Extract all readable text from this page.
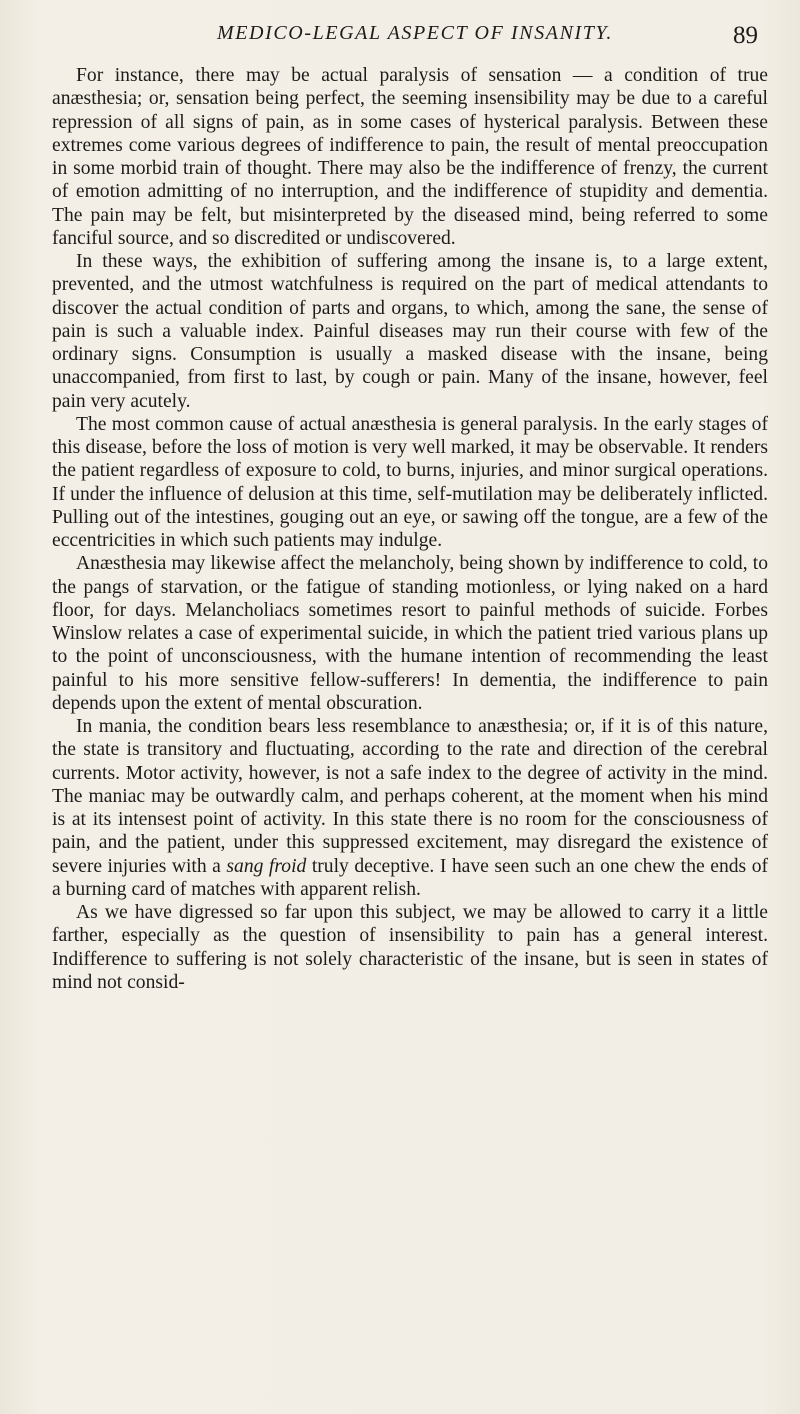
MEDICO-LEGAL ASPECT OF INSANITY.	89

For instance, there may be actual paralysis of sensation — a condition of true anæsthesia; or, sensation being perfect, the seeming insensibility may be due to a careful repression of all signs of pain, as in some cases of hysterical paralysis. Between these extremes come various degrees of indifference to pain, the result of mental preoccupation in some morbid train of thought. There may also be the indifference of frenzy, the current of emotion admitting of no interruption, and the indifference of stupidity and dementia. The pain may be felt, but misinterpreted by the diseased mind, being referred to some fanciful source, and so discredited or undiscovered.

In these ways, the exhibition of suffering among the insane is, to a large extent, prevented, and the utmost watchfulness is required on the part of medical attendants to discover the actual condition of parts and organs, to which, among the sane, the sense of pain is such a valuable index. Painful diseases may run their course with few of the ordinary signs. Consumption is usually a masked disease with the insane, being unaccompanied, from first to last, by cough or pain. Many of the insane, however, feel pain very acutely.

The most common cause of actual anæsthesia is general paralysis. In the early stages of this disease, before the loss of motion is very well marked, it may be observable. It renders the patient regardless of exposure to cold, to burns, injuries, and minor surgical operations. If under the influence of delusion at this time, self-mutilation may be deliberately inflicted. Pulling out of the intestines, gouging out an eye, or sawing off the tongue, are a few of the eccentricities in which such patients may indulge.

Anæsthesia may likewise affect the melancholy, being shown by indifference to cold, to the pangs of starvation, or the fatigue of standing motionless, or lying naked on a hard floor, for days. Melancholiacs sometimes resort to painful methods of suicide. Forbes Winslow relates a case of experimental suicide, in which the patient tried various plans up to the point of unconsciousness, with the humane intention of recommending the least painful to his more sensitive fellow-sufferers! In dementia, the indifference to pain depends upon the extent of mental obscuration.

In mania, the condition bears less resemblance to anæsthesia; or, if it is of this nature, the state is transitory and fluctuating, according to the rate and direction of the cerebral currents. Motor activity, however, is not a safe index to the degree of activity in the mind. The maniac may be outwardly calm, and perhaps coherent, at the moment when his mind is at its intensest point of activity. In this state there is no room for the consciousness of pain, and the patient, under this suppressed excitement, may disregard the existence of severe injuries with a sang froid truly deceptive. I have seen such an one chew the ends of a burning card of matches with apparent relish.

As we have digressed so far upon this subject, we may be allowed to carry it a little farther, especially as the question of insensibility to pain has a general interest. Indifference to suffering is not solely characteristic of the insane, but is seen in states of mind not consid-
